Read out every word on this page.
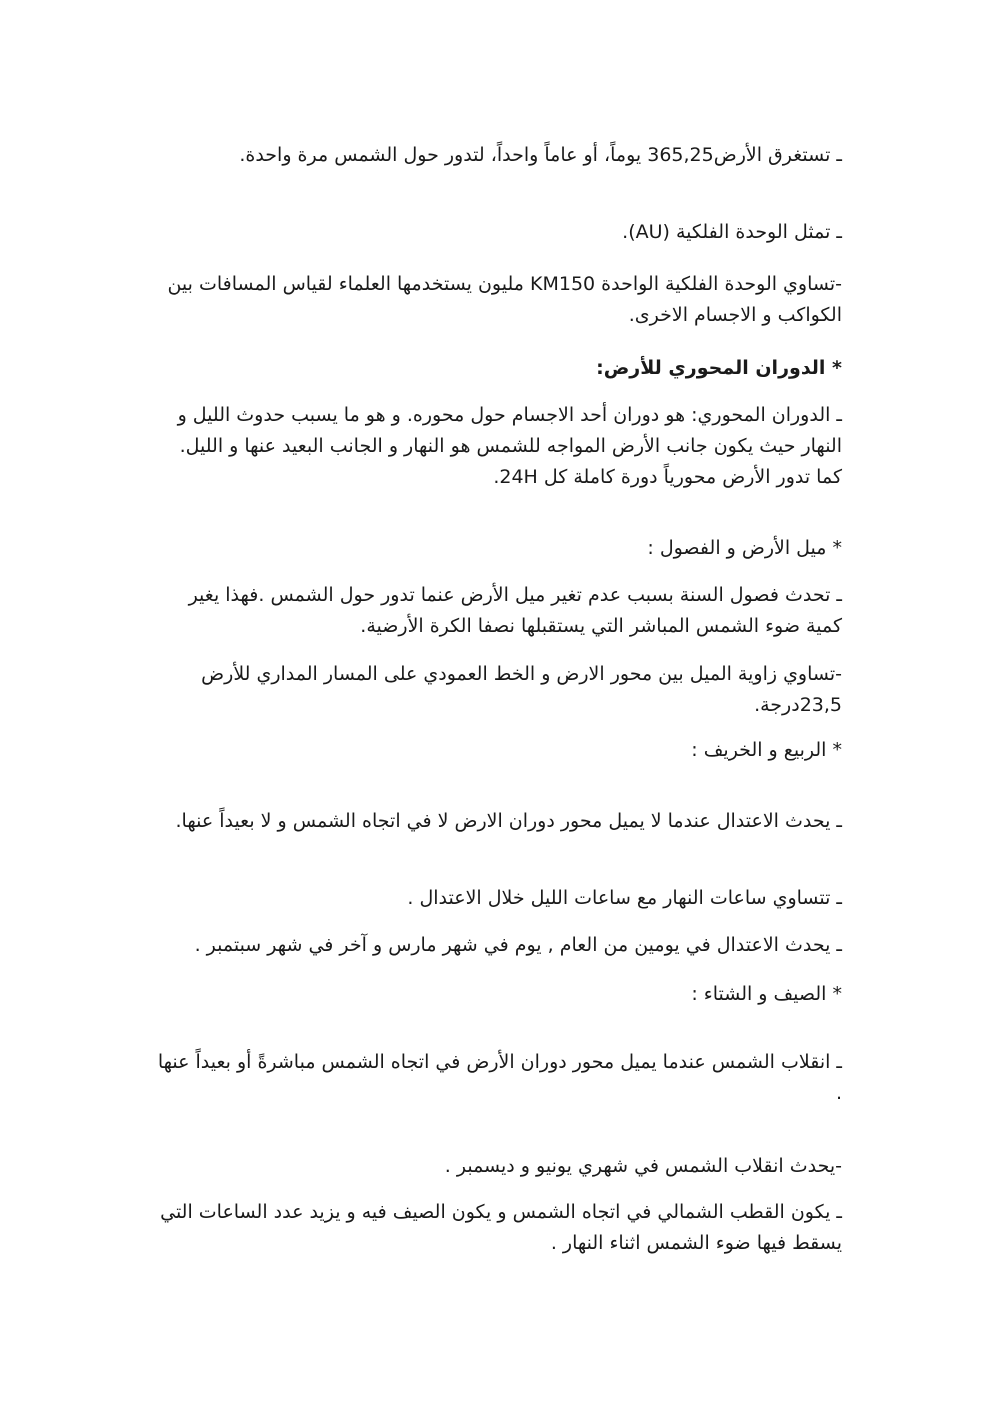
ـ تستغرق الأرض365,25 يوماً، أو عاماً واحداً، لتدور حول الشمس مرة واحدة.
ـ تمثل الوحدة الفلكية (AU).
-تساوي الوحدة الفلكية الواحدة KM150 مليون يستخدمها العلماء لقياس المسافات بين الكواكب و الاجسام الاخرى.
* الدوران المحوري للأرض:
ـ الدوران المحوري: هو دوران أحد الاجسام حول محوره. و هو ما يسبب حدوث الليل و النهار حيث يكون جانب الأرض المواجه للشمس هو النهار و الجانب البعيد عنها و الليل. كما تدور الأرض محورياً دورة كاملة كل 24H.
* ميل الأرض و الفصول :
ـ تحدث فصول السنة بسبب عدم تغير ميل الأرض عنما تدور حول الشمس .فهذا يغير كمية ضوء الشمس المباشر التي يستقبلها نصفا الكرة الأرضية.
-تساوي زاوية الميل بين محور الارض و الخط العمودي على المسار المداري للأرض 23,5درجة.
* الربيع و الخريف :
ـ يحدث الاعتدال عندما لا يميل محور دوران الارض لا في اتجاه الشمس و لا بعيداً عنها.
ـ تتساوي ساعات النهار مع ساعات الليل خلال الاعتدال .
ـ يحدث الاعتدال في يومين من العام , يوم في شهر مارس و آخر في شهر سبتمبر .
* الصيف و الشتاء :
ـ انقلاب الشمس عندما يميل محور دوران الأرض في اتجاه الشمس مباشرةً أو بعيداً عنها .
-يحدث انقلاب الشمس في شهري يونيو و ديسمبر .
ـ يكون القطب الشمالي في اتجاه الشمس و يكون الصيف فيه و يزيد عدد الساعات التي يسقط فيها ضوء الشمس اثناء النهار .
